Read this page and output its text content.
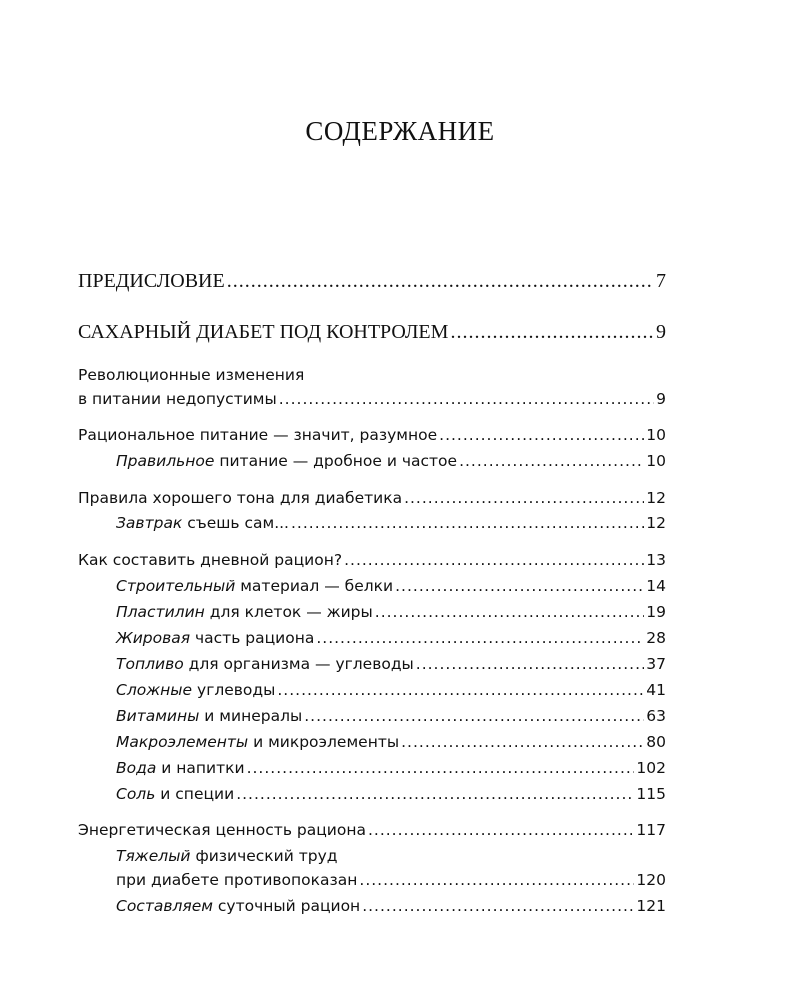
СОДЕРЖАНИЕ
ПРЕДИСЛОВИЕ .....	7
САХАРНЫЙ ДИАБЕТ ПОД КОНТРОЛЕМ .....	9
Революционные изменения
в питании недопустимы .....	9
Рациональное питание — значит, разумное .....	10
Правильное питание — дробное и частое .....	10
Правила хорошего тона для диабетика .....	12
Завтрак съешь сам... .....	12
Как составить дневной рацион? .....	13
Строительный материал — белки .....	14
Пластилин для клеток — жиры .....	19
Жировая часть рациона .....	28
Топливо для организма — углеводы .....	37
Сложные углеводы .....	41
Витамины и минералы .....	63
Макроэлементы и микроэлементы .....	80
Вода и напитки .....	102
Соль и специи .....	115
Энергетическая ценность рациона .....	117
Тяжелый физический труд
при диабете противопоказан .....	120
Составляем суточный рацион .....	121
